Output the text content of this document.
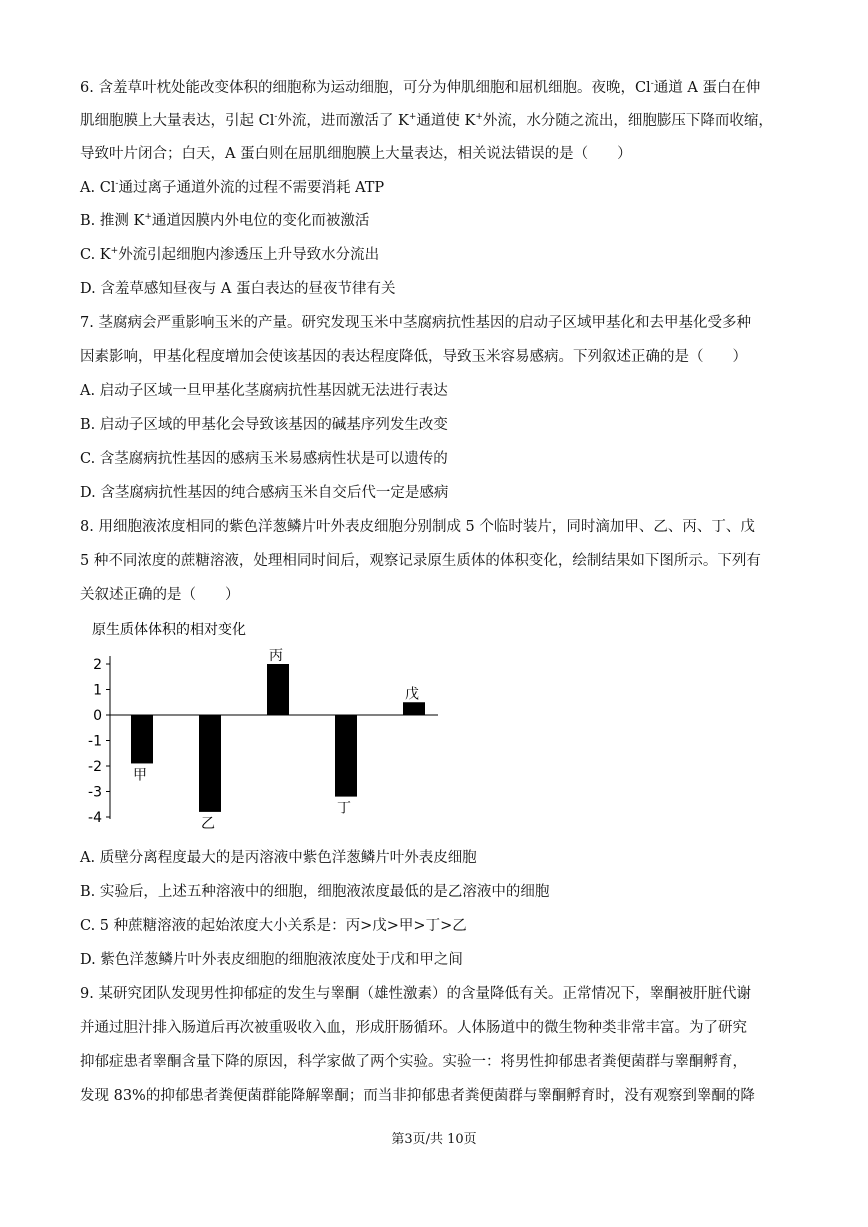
6. 含羞草叶枕处能改变体积的细胞称为运动细胞，可分为伸肌细胞和屈机细胞。夜晚，Cl-通道 A 蛋白在伸
肌细胞膜上大量表达，引起 Cl-外流，进而激活了 K+通道使 K+外流，水分随之流出，细胞膨压下降而收缩，
导致叶片闭合；白天，A 蛋白则在屈肌细胞膜上大量表达，相关说法错误的是（　　）
A. Cl-通过离子通道外流的过程不需要消耗 ATP
B. 推测 K+通道因膜内外电位的变化而被激活
C. K+外流引起细胞内渗透压上升导致水分流出
D. 含羞草感知昼夜与 A 蛋白表达的昼夜节律有关
7. 茎腐病会严重影响玉米的产量。研究发现玉米中茎腐病抗性基因的启动子区域甲基化和去甲基化受多种
因素影响，甲基化程度增加会使该基因的表达程度降低，导致玉米容易感病。下列叙述正确的是（　　）
A. 启动子区域一旦甲基化茎腐病抗性基因就无法进行表达
B. 启动子区域的甲基化会导致该基因的碱基序列发生改变
C. 含茎腐病抗性基因的感病玉米易感病性状是可以遗传的
D. 含茎腐病抗性基因的纯合感病玉米自交后代一定是感病
8. 用细胞液浓度相同的紫色洋葱鳞片叶外表皮细胞分别制成 5 个临时装片，同时滴加甲、乙、丙、丁、戊
5 种不同浓度的蔗糖溶液，处理相同时间后，观察记录原生质体的体积变化，绘制结果如下图所示。下列有
关叙述正确的是（　　）
原生质体体积的相对变化
2
1
0
-1
-2
-3
-4
甲
乙
丙
丁
戊
A. 质壁分离程度最大的是丙溶液中紫色洋葱鳞片叶外表皮细胞
B. 实验后，上述五种溶液中的细胞，细胞液浓度最低的是乙溶液中的细胞
C. 5 种蔗糖溶液的起始浓度大小关系是：丙>戊>甲>丁>乙
D. 紫色洋葱鳞片叶外表皮细胞的细胞液浓度处于戊和甲之间
9. 某研究团队发现男性抑郁症的发生与睾酮（雄性激素）的含量降低有关。正常情况下，睾酮被肝脏代谢
并通过胆汁排入肠道后再次被重吸收入血，形成肝肠循环。人体肠道中的微生物种类非常丰富。为了研究
抑郁症患者睾酮含量下降的原因，科学家做了两个实验。实验一：将男性抑郁患者粪便菌群与睾酮孵育，
发现 83%的抑郁患者粪便菌群能降解睾酮；而当非抑郁患者粪便菌群与睾酮孵育时，没有观察到睾酮的降
第3页/共 10页
